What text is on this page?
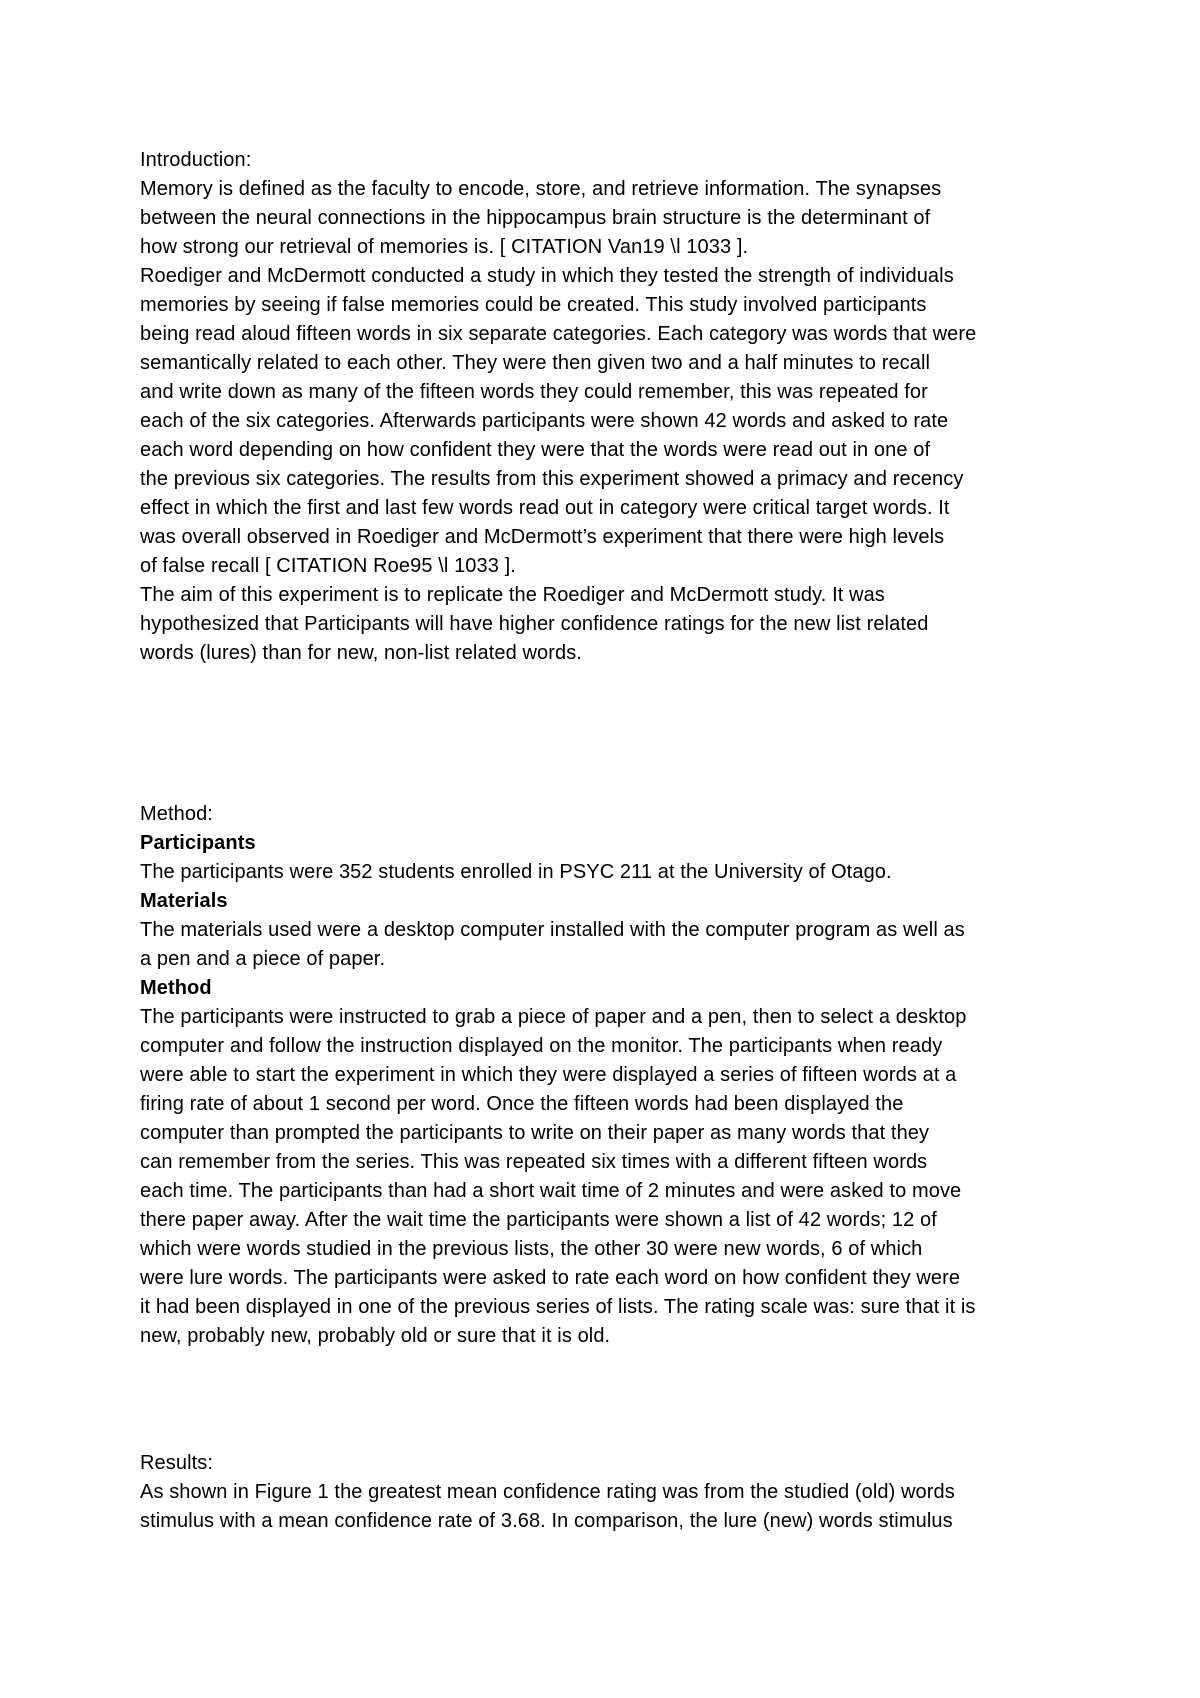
Introduction:
Memory is defined as the faculty to encode, store, and retrieve information. The synapses
between the neural connections in the hippocampus brain structure is the determinant of
how strong our retrieval of memories is. [ CITATION Van19 \l 1033 ].
Roediger and McDermott conducted a study in which they tested the strength of individuals
memories by seeing if false memories could be created. This study involved participants
being read aloud fifteen words in six separate categories. Each category was words that were
semantically related to each other. They were then given two and a half minutes to recall
and write down as many of the fifteen words they could remember, this was repeated for
each of the six categories. Afterwards participants were shown 42 words and asked to rate
each word depending on how confident they were that the words were read out in one of
the previous six categories. The results from this experiment showed a primacy and recency
effect in which the first and last few words read out in category were critical target words. It
was overall observed in Roediger and McDermott’s experiment that there were high levels
of false recall [ CITATION Roe95 \l 1033 ].
The aim of this experiment is to replicate the Roediger and McDermott study. It was
hypothesized that Participants will have higher confidence ratings for the new list related
words (lures) than for new, non-list related words.
Method:
Participants
The participants were 352 students enrolled in PSYC 211 at the University of Otago.
Materials
The materials used were a desktop computer installed with the computer program as well as
a pen and a piece of paper.
Method
The participants were instructed to grab a piece of paper and a pen, then to select a desktop
computer and follow the instruction displayed on the monitor. The participants when ready
were able to start the experiment in which they were displayed a series of fifteen words at a
firing rate of about 1 second per word. Once the fifteen words had been displayed the
computer than prompted the participants to write on their paper as many words that they
can remember from the series. This was repeated six times with a different fifteen words
each time. The participants than had a short wait time of 2 minutes and were asked to move
there paper away. After the wait time the participants were shown a list of 42 words; 12 of
which were words studied in the previous lists, the other 30 were new words, 6 of which
were lure words. The participants were asked to rate each word on how confident they were
it had been displayed in one of the previous series of lists. The rating scale was: sure that it is
new, probably new, probably old or sure that it is old.
Results:
As shown in Figure 1 the greatest mean confidence rating was from the studied (old) words
stimulus with a mean confidence rate of 3.68. In comparison, the lure (new) words stimulus
